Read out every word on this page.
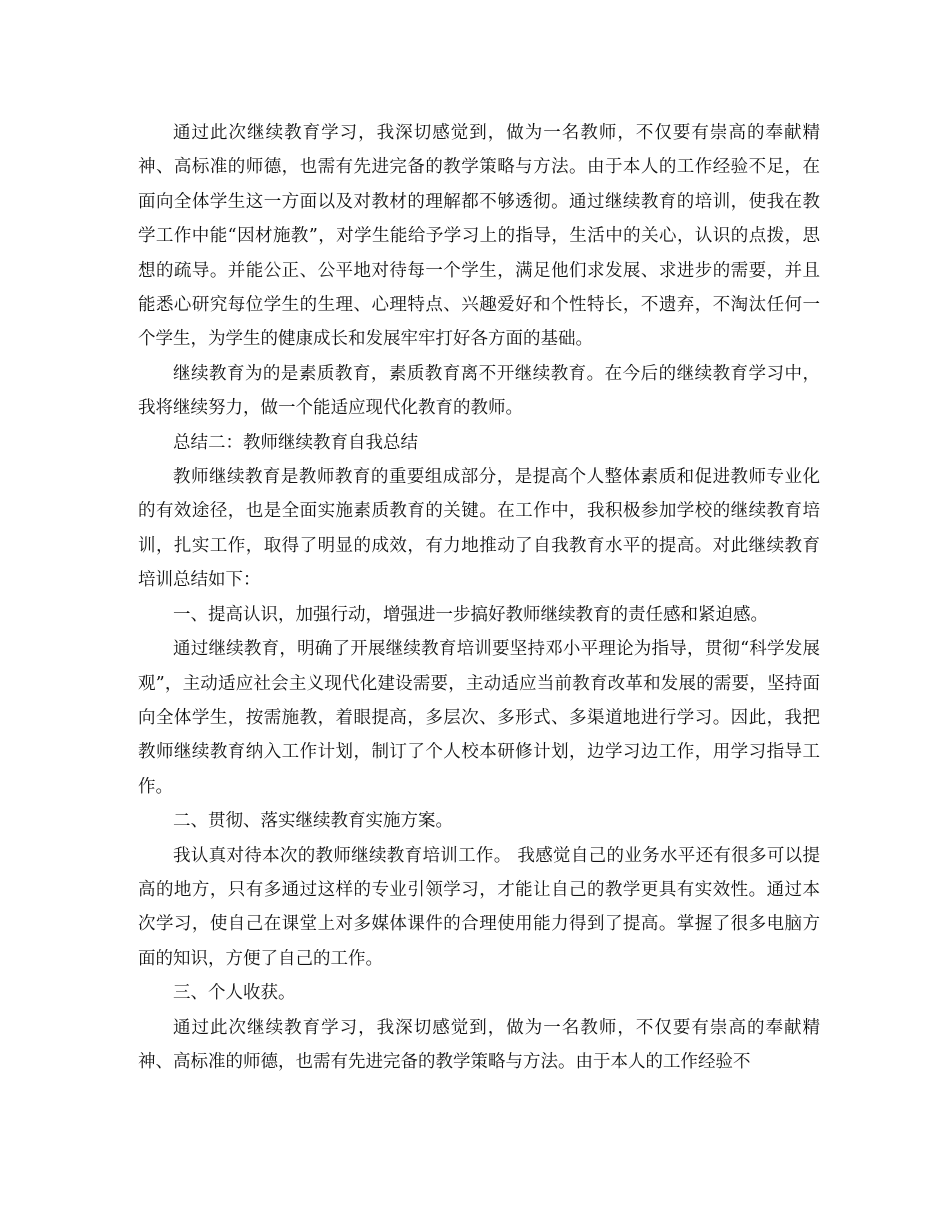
通过此次继续教育学习，我深切感觉到，做为一名教师，不仅要有崇高的奉献精神、高标准的师德，也需有先进完备的教学策略与方法。由于本人的工作经验不足，在面向全体学生这一方面以及对教材的理解都不够透彻。通过继续教育的培训，使我在教学工作中能“因材施教”，对学生能给予学习上的指导，生活中的关心，认识的点拨，思想的疏导。并能公正、公平地对待每一个学生，满足他们求发展、求进步的需要，并且能悉心研究每位学生的生理、心理特点、兴趣爱好和个性特长，不遗弃，不淘汰任何一个学生，为学生的健康成长和发展牢牢打好各方面的基础。

继续教育为的是素质教育，素质教育离不开继续教育。在今后的继续教育学习中，我将继续努力，做一个能适应现代化教育的教师。

总结二：教师继续教育自我总结

教师继续教育是教师教育的重要组成部分，是提高个人整体素质和促进教师专业化的有效途径，也是全面实施素质教育的关键。在工作中，我积极参加学校的继续教育培训，扎实工作，取得了明显的成效，有力地推动了自我教育水平的提高。对此继续教育培训总结如下：

一、提高认识，加强行动，增强进一步搞好教师继续教育的责任感和紧迫感。

通过继续教育，明确了开展继续教育培训要坚持邓小平理论为指导，贯彻“科学发展观”，主动适应社会主义现代化建设需要，主动适应当前教育改革和发展的需要，坚持面向全体学生，按需施教，着眼提高，多层次、多形式、多渠道地进行学习。因此，我把教师继续教育纳入工作计划，制订了个人校本研修计划，边学习边工作，用学习指导工作。

二、贯彻、落实继续教育实施方案。

我认真对待本次的教师继续教育培训工作。 我感觉自己的业务水平还有很多可以提高的地方，只有多通过这样的专业引领学习，才能让自己的教学更具有实效性。通过本次学习，使自己在课堂上对多媒体课件的合理使用能力得到了提高。掌握了很多电脑方面的知识，方便了自己的工作。

三、个人收获。

通过此次继续教育学习，我深切感觉到，做为一名教师，不仅要有崇高的奉献精神、高标准的师德，也需有先进完备的教学策略与方法。由于本人的工作经验不
